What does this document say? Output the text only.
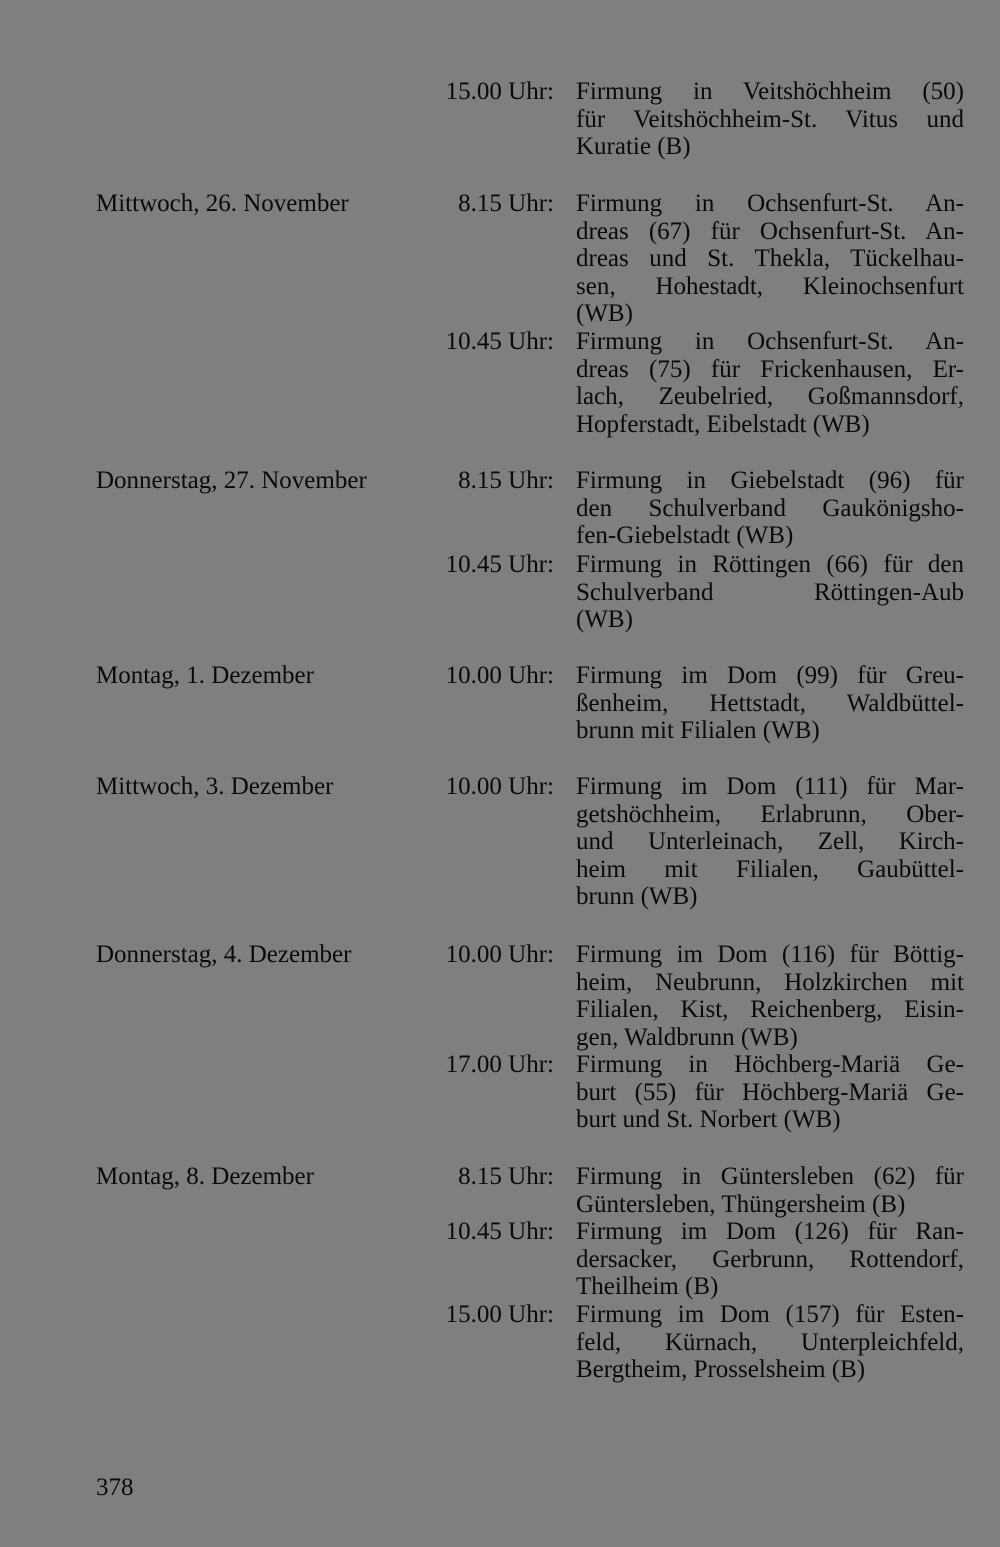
15.00 Uhr: Firmung in Veitshöchheim (50)
für Veitshöchheim-St. Vitus und
Kuratie (B)
Mittwoch, 26. November	8.15 Uhr: Firmung in Ochsenfurt-St. An-
dreas (67) für Ochsenfurt-St. An-
dreas und St. Thekla, Tückelhau-
sen, Hohestadt, Kleinochsenfurt
(WB)
10.45 Uhr: Firmung in Ochsenfurt-St. An-
dreas (75) für Frickenhausen, Er-
lach, Zeubelried, Goßmannsdorf,
Hopferstadt, Eibelstadt (WB)
Donnerstag, 27. November	8.15 Uhr: Firmung in Giebelstadt (96) für
den Schulverband Gaukönigsho-
fen-Giebelstadt (WB)
10.45 Uhr: Firmung in Röttingen (66) für den
Schulverband Röttingen-Aub
(WB)
Montag, 1. Dezember	10.00 Uhr: Firmung im Dom (99) für Greu-
ßenheim, Hettstadt, Waldbüttel-
brunn mit Filialen (WB)
Mittwoch, 3. Dezember	10.00 Uhr: Firmung im Dom (111) für Mar-
getshöchheim, Erlabrunn, Ober-
und Unterleinach, Zell, Kirch-
heim mit Filialen, Gaubüttel-
brunn (WB)
Donnerstag, 4. Dezember	10.00 Uhr: Firmung im Dom (116) für Böttig-
heim, Neubrunn, Holzkirchen mit
Filialen, Kist, Reichenberg, Eisin-
gen, Waldbrunn (WB)
17.00 Uhr: Firmung in Höchberg-Mariä Ge-
burt (55) für Höchberg-Mariä Ge-
burt und St. Norbert (WB)
Montag, 8. Dezember	8.15 Uhr: Firmung in Güntersleben (62) für
Güntersleben, Thüngersheim (B)
10.45 Uhr: Firmung im Dom (126) für Ran-
dersacker, Gerbrunn, Rottendorf,
Theilheim (B)
15.00 Uhr: Firmung im Dom (157) für Esten-
feld, Kürnach, Unterpleichfeld,
Bergtheim, Prosselsheim (B)
378
